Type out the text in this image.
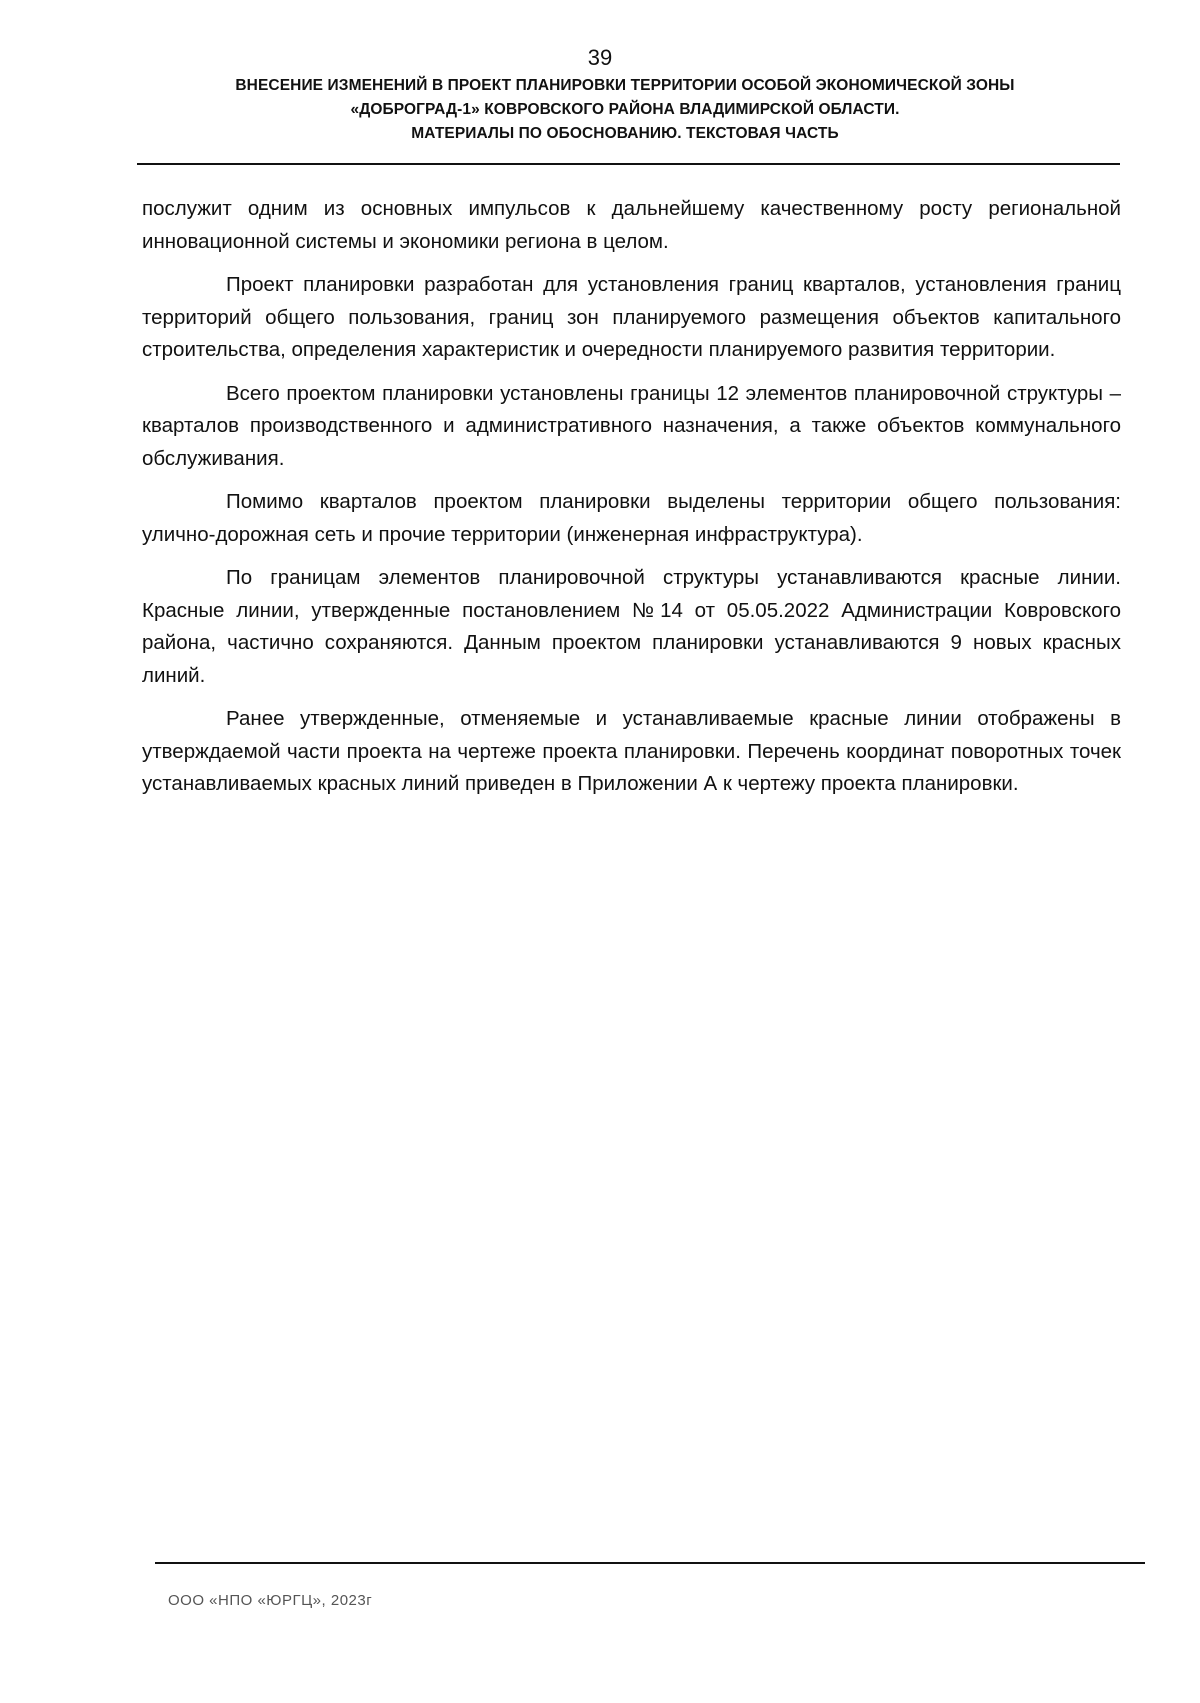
39
ВНЕСЕНИЕ ИЗМЕНЕНИЙ В ПРОЕКТ ПЛАНИРОВКИ ТЕРРИТОРИИ ОСОБОЙ ЭКОНОМИЧЕСКОЙ ЗОНЫ
«ДОБРОГРАД-1» КОВРОВСКОГО РАЙОНА ВЛАДИМИРСКОЙ ОБЛАСТИ.
МАТЕРИАЛЫ ПО ОБОСНОВАНИЮ. ТЕКСТОВАЯ ЧАСТЬ

послужит одним из основных импульсов к дальнейшему качественному росту региональной инновационной системы и экономики региона в целом.

Проект планировки разработан для установления границ кварталов, установления границ территорий общего пользования, границ зон планируемого размещения объектов капитального строительства, определения характеристик и очередности планируемого развития территории.

Всего проектом планировки установлены границы 12 элементов планировочной структуры – кварталов производственного и административного назначения, а также объектов коммунального обслуживания.

Помимо кварталов проектом планировки выделены территории общего пользования: улично-дорожная сеть и прочие территории (инженерная инфраструктура).

По границам элементов планировочной структуры устанавливаются красные линии. Красные линии, утвержденные постановлением №14 от 05.05.2022 Администрации Ковровского района, частично сохраняются. Данным проектом планировки устанавливаются 9 новых красных линий.

Ранее утвержденные, отменяемые и устанавливаемые красные линии отображены в утверждаемой части проекта на чертеже проекта планировки. Перечень координат поворотных точек устанавливаемых красных линий приведен в Приложении А к чертежу проекта планировки.

ООО «НПО «ЮРГЦ», 2023г
